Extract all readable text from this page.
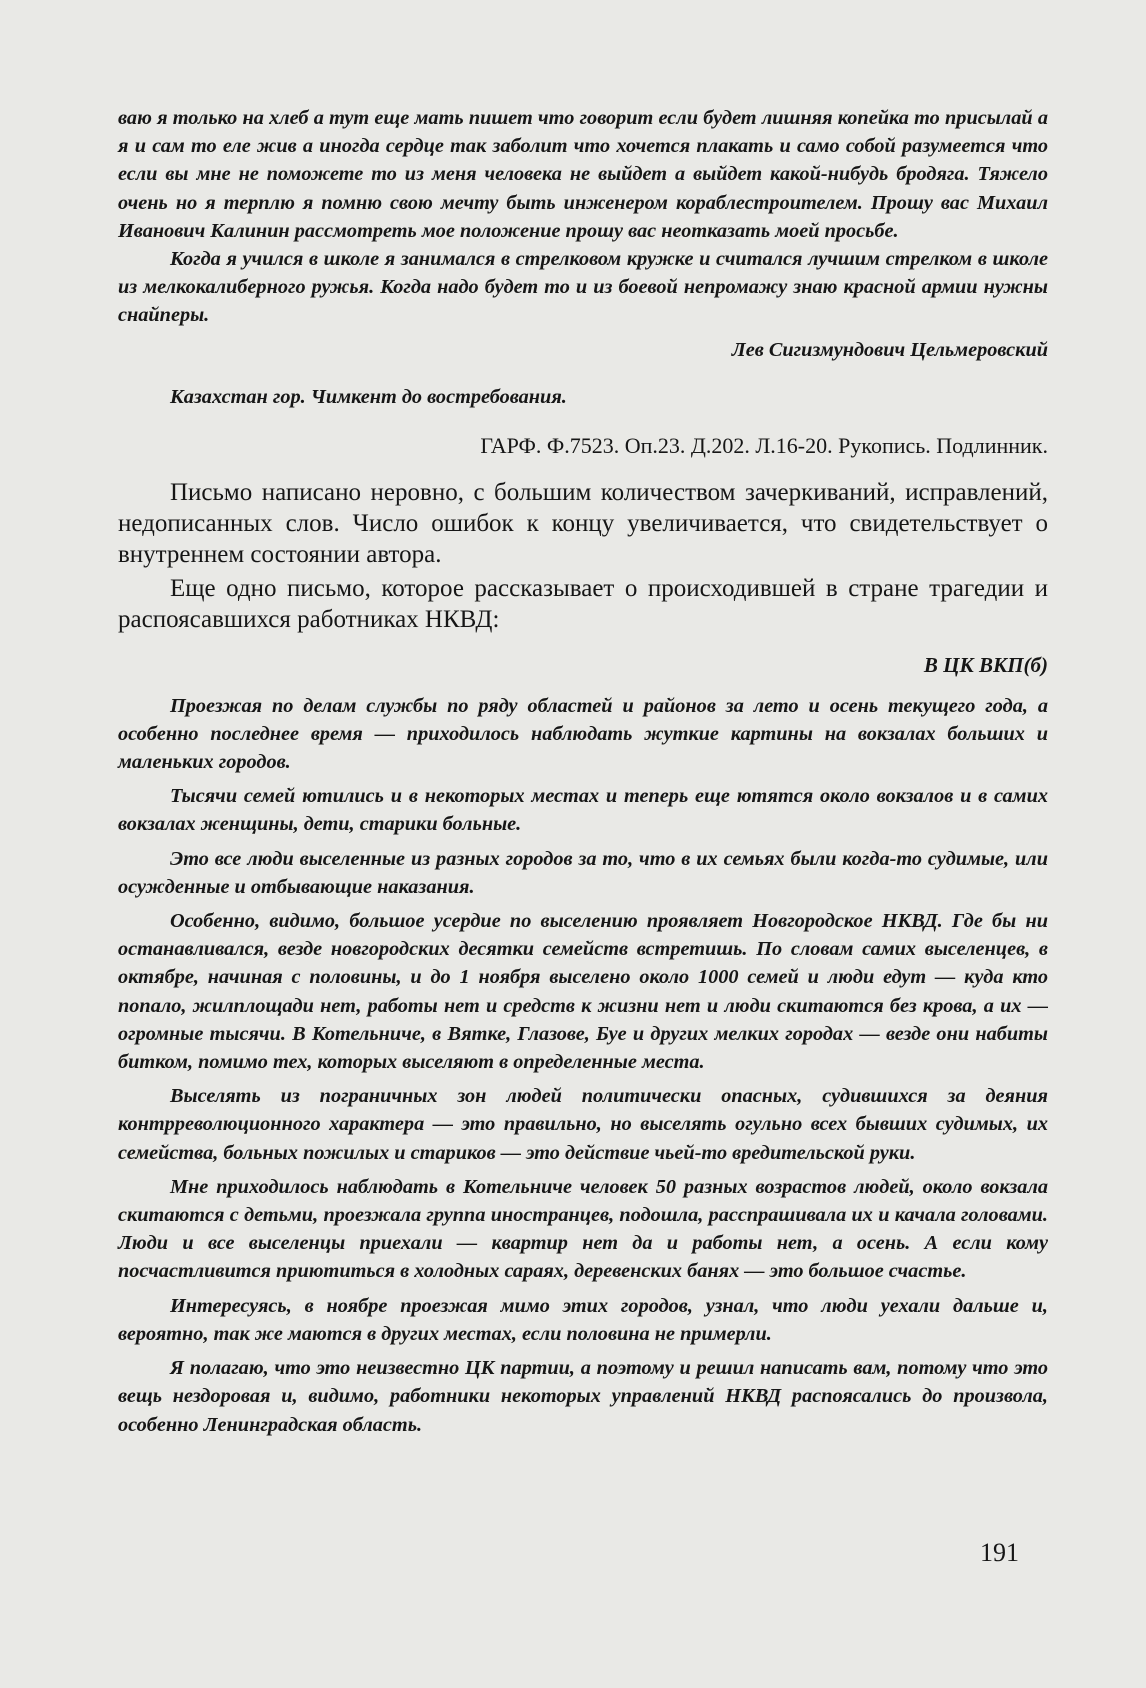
ваю я только на хлеб а тут еще мать пишет что говорит если будет лишняя копейка то присылай а я и сам то еле жив а иногда сердце так заболит что хочется плакать и само собой разумеется что если вы мне не поможете то из меня человека не выйдет а выйдет какой-нибудь бродяга. Тяжело очень но я терплю я помню свою мечту быть инженером кораблестроителем. Прошу вас Михаил Иванович Калинин рассмотреть мое положение прошу вас неотказать моей просьбе.

Когда я учился в школе я занимался в стрелковом кружке и считался лучшим стрелком в школе из мелкокалиберного ружья. Когда надо будет то и из боевой непромажу знаю красной армии нужны снайперы.

Лев Сигизмундович Цельмеровский
Казахстан гор. Чимкент до востребования.
ГАРФ. Ф.7523. Оп.23. Д.202. Л.16-20. Рукопись. Подлинник.

Письмо написано неровно, с большим количеством зачеркиваний, исправлений, недописанных слов. Число ошибок к концу увеличивается, что свидетельствует о внутреннем состоянии автора.

Еще одно письмо, которое рассказывает о происходившей в стране трагедии и распоясавшихся работниках НКВД:

В ЦК ВКП(б)

Проезжая по делам службы по ряду областей и районов за лето и осень текущего года, а особенно последнее время — приходилось наблюдать жуткие картины на вокзалах больших и маленьких городов.

Тысячи семей ютились и в некоторых местах и теперь еще ютятся около вокзалов и в самих вокзалах женщины, дети, старики больные.

Это все люди выселенные из разных городов за то, что в их семьях были когда-то судимые, или осужденные и отбывающие наказания.

Особенно, видимо, большое усердие по выселению проявляет Новгородское НКВД. Где бы ни останавливался, везде новгородских десятки семейств встретишь. По словам самих выселенцев, в октябре, начиная с половины, и до 1 ноября выселено около 1000 семей и люди едут — куда кто попало, жилплощади нет, работы нет и средств к жизни нет и люди скитаются без крова, а их — огромные тысячи. В Котельниче, в Вятке, Глазове, Буе и других мелких городах — везде они набиты битком, помимо тех, которых выселяют в определенные места.

Выселять из пограничных зон людей политически опасных, судившихся за деяния контрреволюционного характера — это правильно, но выселять огульно всех бывших судимых, их семейства, больных пожилых и стариков — это действие чьей-то вредительской руки.

Мне приходилось наблюдать в Котельниче человек 50 разных возрастов людей, около вокзала скитаются с детьми, проезжала группа иностранцев, подошла, расспрашивала их и качала головами. Люди и все выселенцы приехали — квартир нет да и работы нет, а осень. А если кому посчастливится приютиться в холодных сараях, деревенских банях — это большое счастье.

Интересуясь, в ноябре проезжая мимо этих городов, узнал, что люди уехали дальше и, вероятно, так же маются в других местах, если половина не примерли.

Я полагаю, что это неизвестно ЦК партии, а поэтому и решил написать вам, потому что это вещь нездоровая и, видимо, работники некоторых управлений НКВД распоясались до произвола, особенно Ленинградская область.

191
